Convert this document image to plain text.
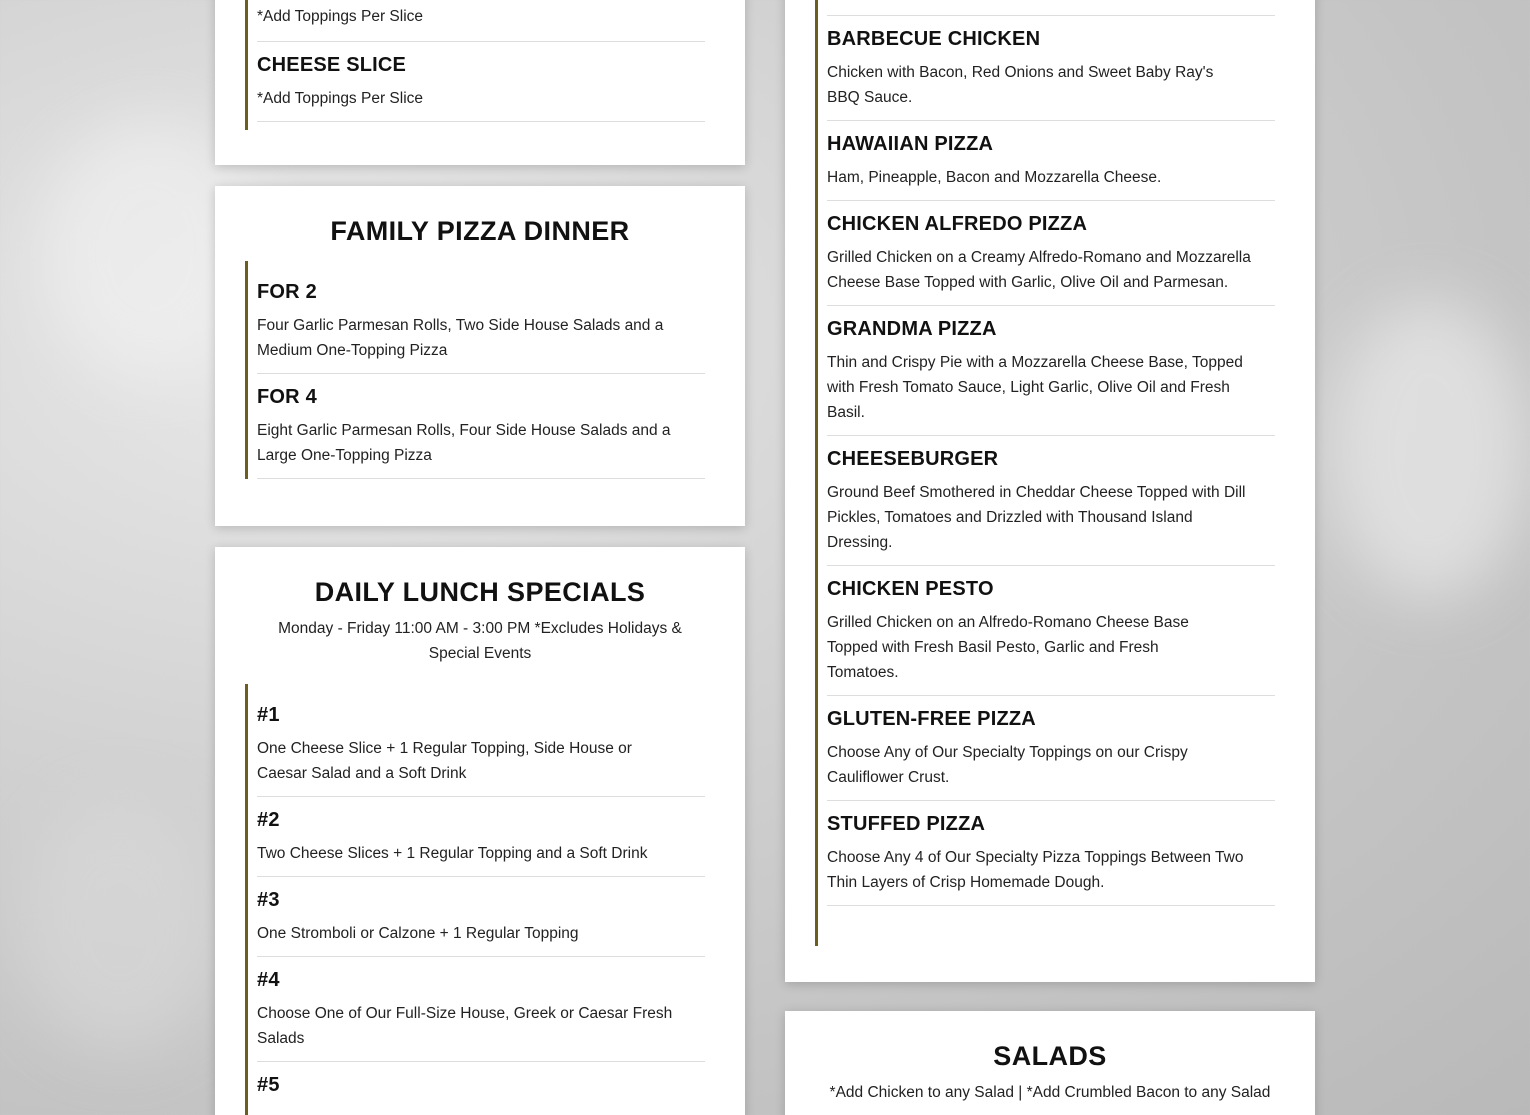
*Add Toppings Per Slice
CHEESE SLICE
*Add Toppings Per Slice
FAMILY PIZZA DINNER
FOR 2
Four Garlic Parmesan Rolls, Two Side House Salads and a Medium One-Topping Pizza
FOR 4
Eight Garlic Parmesan Rolls, Four Side House Salads and a Large One-Topping Pizza
DAILY LUNCH SPECIALS
Monday - Friday 11:00 AM - 3:00 PM *Excludes Holidays & Special Events
#1
One Cheese Slice + 1 Regular Topping, Side House or Caesar Salad and a Soft Drink
#2
Two Cheese Slices + 1 Regular Topping and a Soft Drink
#3
One Stromboli or Calzone + 1 Regular Topping
#4
Choose One of Our Full-Size House, Greek or Caesar Fresh Salads
#5
BARBECUE CHICKEN
Chicken with Bacon, Red Onions and Sweet Baby Ray's BBQ Sauce.
HAWAIIAN PIZZA
Ham, Pineapple, Bacon and Mozzarella Cheese.
CHICKEN ALFREDO PIZZA
Grilled Chicken on a Creamy Alfredo-Romano and Mozzarella Cheese Base Topped with Garlic, Olive Oil and Parmesan.
GRANDMA PIZZA
Thin and Crispy Pie with a Mozzarella Cheese Base, Topped with Fresh Tomato Sauce, Light Garlic, Olive Oil and Fresh Basil.
CHEESEBURGER
Ground Beef Smothered in Cheddar Cheese Topped with Dill Pickles, Tomatoes and Drizzled with Thousand Island Dressing.
CHICKEN PESTO
Grilled Chicken on an Alfredo-Romano Cheese Base Topped with Fresh Basil Pesto, Garlic and Fresh Tomatoes.
GLUTEN-FREE PIZZA
Choose Any of Our Specialty Toppings on our Crispy Cauliflower Crust.
STUFFED PIZZA
Choose Any 4 of Our Specialty Pizza Toppings Between Two Thin Layers of Crisp Homemade Dough.
SALADS
*Add Chicken to any Salad | *Add Crumbled Bacon to any Salad
